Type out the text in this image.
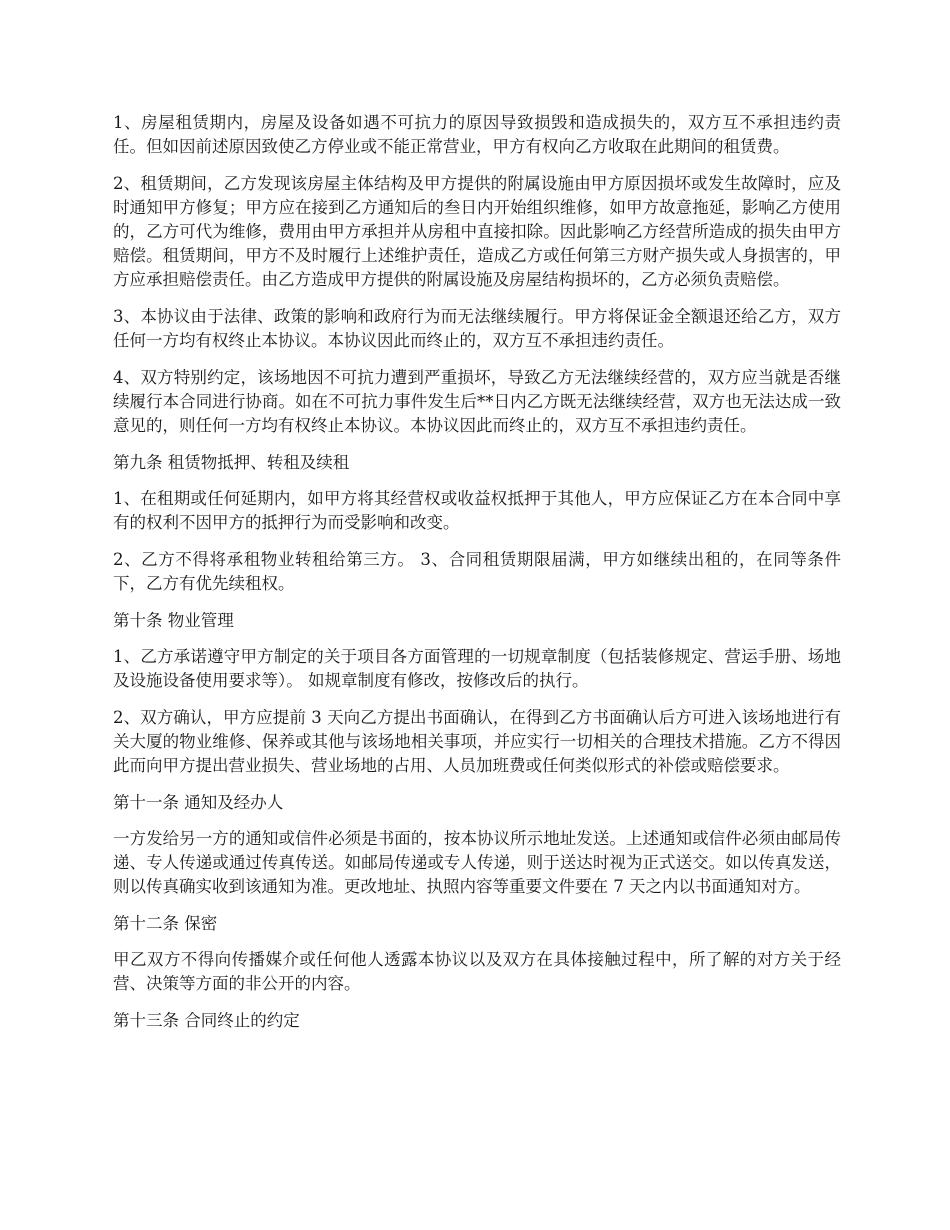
1、房屋租赁期内，房屋及设备如遇不可抗力的原因导致损毁和造成损失的，双方互不承担违约责任。但如因前述原因致使乙方停业或不能正常营业，甲方有权向乙方收取在此期间的租赁费。

2、租赁期间，乙方发现该房屋主体结构及甲方提供的附属设施由甲方原因损坏或发生故障时，应及时通知甲方修复；甲方应在接到乙方通知后的叁日内开始组织维修，如甲方故意拖延，影响乙方使用的，乙方可代为维修，费用由甲方承担并从房租中直接扣除。因此影响乙方经营所造成的损失由甲方赔偿。租赁期间，甲方不及时履行上述维护责任，造成乙方或任何第三方财产损失或人身损害的，甲方应承担赔偿责任。由乙方造成甲方提供的附属设施及房屋结构损坏的，乙方必须负责赔偿。

3、本协议由于法律、政策的影响和政府行为而无法继续履行。甲方将保证金全额退还给乙方，双方任何一方均有权终止本协议。本协议因此而终止的，双方互不承担违约责任。

4、双方特别约定，该场地因不可抗力遭到严重损坏，导致乙方无法继续经营的，双方应当就是否继续履行本合同进行协商。如在不可抗力事件发生后**日内乙方既无法继续经营，双方也无法达成一致意见的，则任何一方均有权终止本协议。本协议因此而终止的，双方互不承担违约责任。

第九条 租赁物抵押、转租及续租

1、在租期或任何延期内，如甲方将其经营权或收益权抵押于其他人，甲方应保证乙方在本合同中享有的权利不因甲方的抵押行为而受影响和改变。

2、乙方不得将承租物业转租给第三方。 3、合同租赁期限届满，甲方如继续出租的，在同等条件下，乙方有优先续租权。

第十条 物业管理

1、乙方承诺遵守甲方制定的关于项目各方面管理的一切规章制度（包括装修规定、营运手册、场地及设施设备使用要求等）。 如规章制度有修改，按修改后的执行。

2、双方确认，甲方应提前 3 天向乙方提出书面确认，在得到乙方书面确认后方可进入该场地进行有关大厦的物业维修、保养或其他与该场地相关事项，并应实行一切相关的合理技术措施。乙方不得因此而向甲方提出营业损失、营业场地的占用、人员加班费或任何类似形式的补偿或赔偿要求。

第十一条 通知及经办人

一方发给另一方的通知或信件必须是书面的，按本协议所示地址发送。上述通知或信件必须由邮局传递、专人传递或通过传真传送。如邮局传递或专人传递，则于送达时视为正式送交。如以传真发送，则以传真确实收到该通知为准。更改地址、执照内容等重要文件要在 7 天之内以书面通知对方。

第十二条 保密

甲乙双方不得向传播媒介或任何他人透露本协议以及双方在具体接触过程中，所了解的对方关于经营、决策等方面的非公开的内容。

第十三条 合同终止的约定
